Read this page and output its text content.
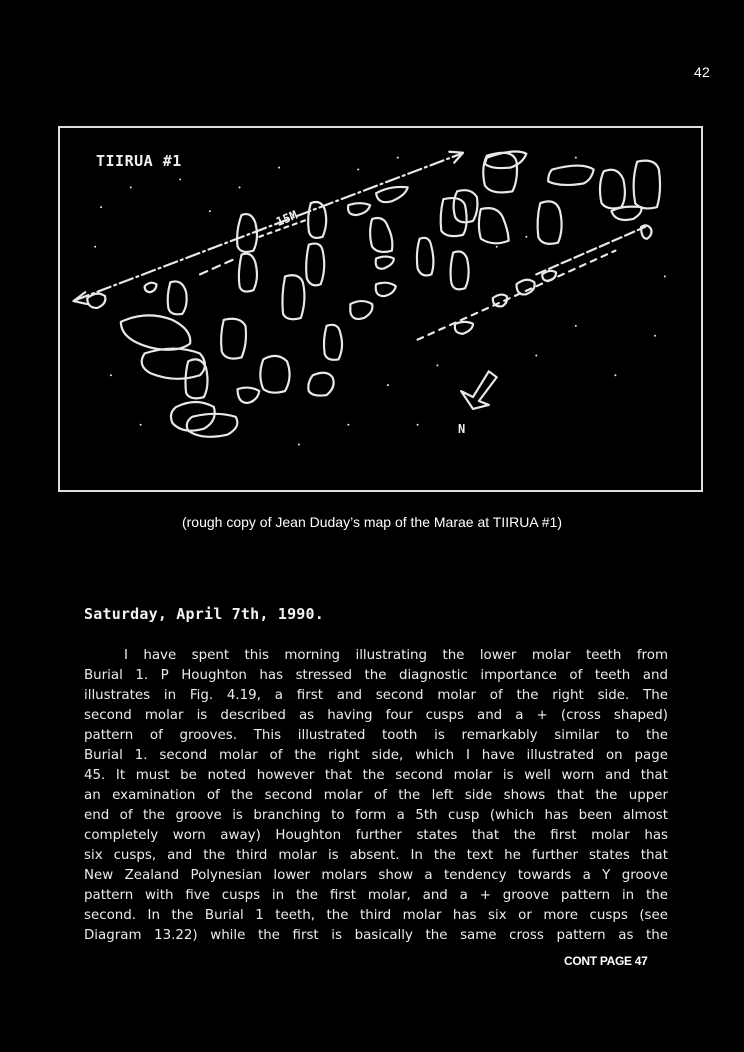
42
TIIRUA #1
15M
N
(rough copy of Jean Duday’s map of the Marae at TIIRUA #1)
Saturday, April 7th, 1990.
I have spent this morning illustrating the lower molar teeth from
Burial 1. P Houghton has stressed the diagnostic importance of teeth and
illustrates in Fig. 4.19, a first and second molar of the right side. The
second molar is described as having four cusps and a + (cross shaped)
pattern of grooves. This illustrated tooth is remarkably similar to the
Burial 1. second molar of the right side, which I have illustrated on page
45. It must be noted however that the second molar is well worn and that
an examination of the second molar of the left side shows that the upper
end of the groove is branching to form a 5th cusp (which has been almost
completely worn away) Houghton further states that the first molar has
six cusps, and the third molar is absent. In the text he further states that
New Zealand Polynesian lower molars show a tendency towards a Y groove
pattern with five cusps in the first molar, and a + groove pattern in the
second. In the Burial 1 teeth, the third molar has six or more cusps (see
Diagram 13.22) while the first is basically the same cross pattern as the
CONT PAGE 47
